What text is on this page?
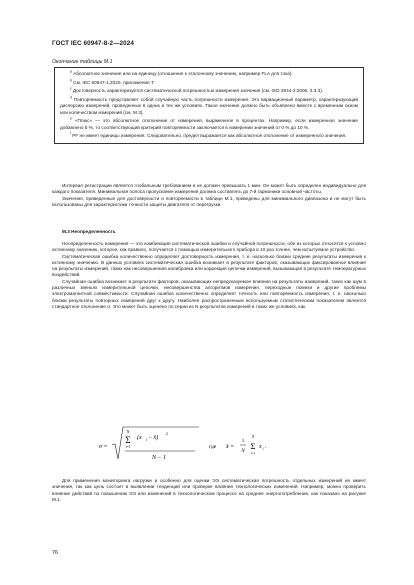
ГОСТ IEC 60947-8-2—2024
Окончание таблицы М.1

$^a$ Абсолютное значение или на единицу (отношение к эталонному значению, например FLA для тока).

$^b$ См. IEC 60947-1:2020, приложение T.

$^c$ Достоверность характеризуется систематической погрешностью измерения значения (см. ISO 3534-2:2006, 3.3.3).

$^d$ Повторяемость представляет собой случайную часть погрешности измерения. Это вариационный параметр, характеризующий дисперсию измерений, проведенных в одних и тех же условиях. Такое значение должно быть объявлено вместе с временным окном или количеством измерений (см. М.3).

$^e$ «Плюс» — это абсолютное отклонение от измерения, выраженное в процентах. Например, если измеренное значение добавлено 5 %, то соответствующий критерий повторяемости заключается в измерении значений от 0 % до 10 %.

$^f$ PF не имеет единицы измерения. Следовательно, предел выражается как абсолютное отклонение от измеренного значения.

Интервал регистрации является глобальным требованием и не должен превышать 1 мин. Он может быть определен индивидуально для каждого показателя. Минимальная полоса пропускания измерения должна составлять до 7-й гармоники основной частоты.

Значения, приведенные для достоверности и повторяемости в таблице М.1, приведены для минимального диапазона и не могут быть использованы для характеристики точности защиты двигателя от перегрузки.

М.3 Неопределенность

Неопределенность измерения — это комбинация систематической ошибки и случайной погрешности, обе из которых относятся к условно истинному значению, которое, как правило, получается с помощью измерительного прибора в 10 раз точнее, чем испытуемое устройство.

Систематическая ошибка количественно определяет достоверность измерения, т. е. насколько близки средние результаты измерения к истинному значению. В данных условиях систематическая ошибка возникает в результате факторов, оказывающих фиксированное влияние на результаты измерений, таких как несовершенная калибровка или коррекция цепочки измерений, вызывающая в результате температурных воздействий.

Случайная ошибка возникает в результате факторов, оказывающих непредсказуемое влияние на результаты измерений, таких как шум в различных звеньях измерительной цепочки, несовершенства алгоритмов измерения, переходные помехи и другие проблемы электромагнитной совместимости. Случайная ошибка количественно определяет точность или повторяемость измерения, т. е. насколько близки результаты повторных измерений друг к другу. Наиболее распространенным используемым статистическим показателем является стандартное отклонение σ. Это может быть оценено по серии из N результатов измерений в таких же условиях, как

σ =
N
Σ
i=1
(x i − x̄)
2
N − 1
где x̄ =
1
N
N
Σ
i=1
x i .

Для применения мониторинга нагрузки и особенно для оценки ЭЭ систематическая погрешность отдельных измерений не имеет значения, так как цель состоит в выявлении тенденций или проверке влияния технологических изменений. Например, можно проверить влияние действий по повышению ЭЭ или изменений в технологическом процессе на среднее энергопотребление, как показано на рисунке М.1.

76
